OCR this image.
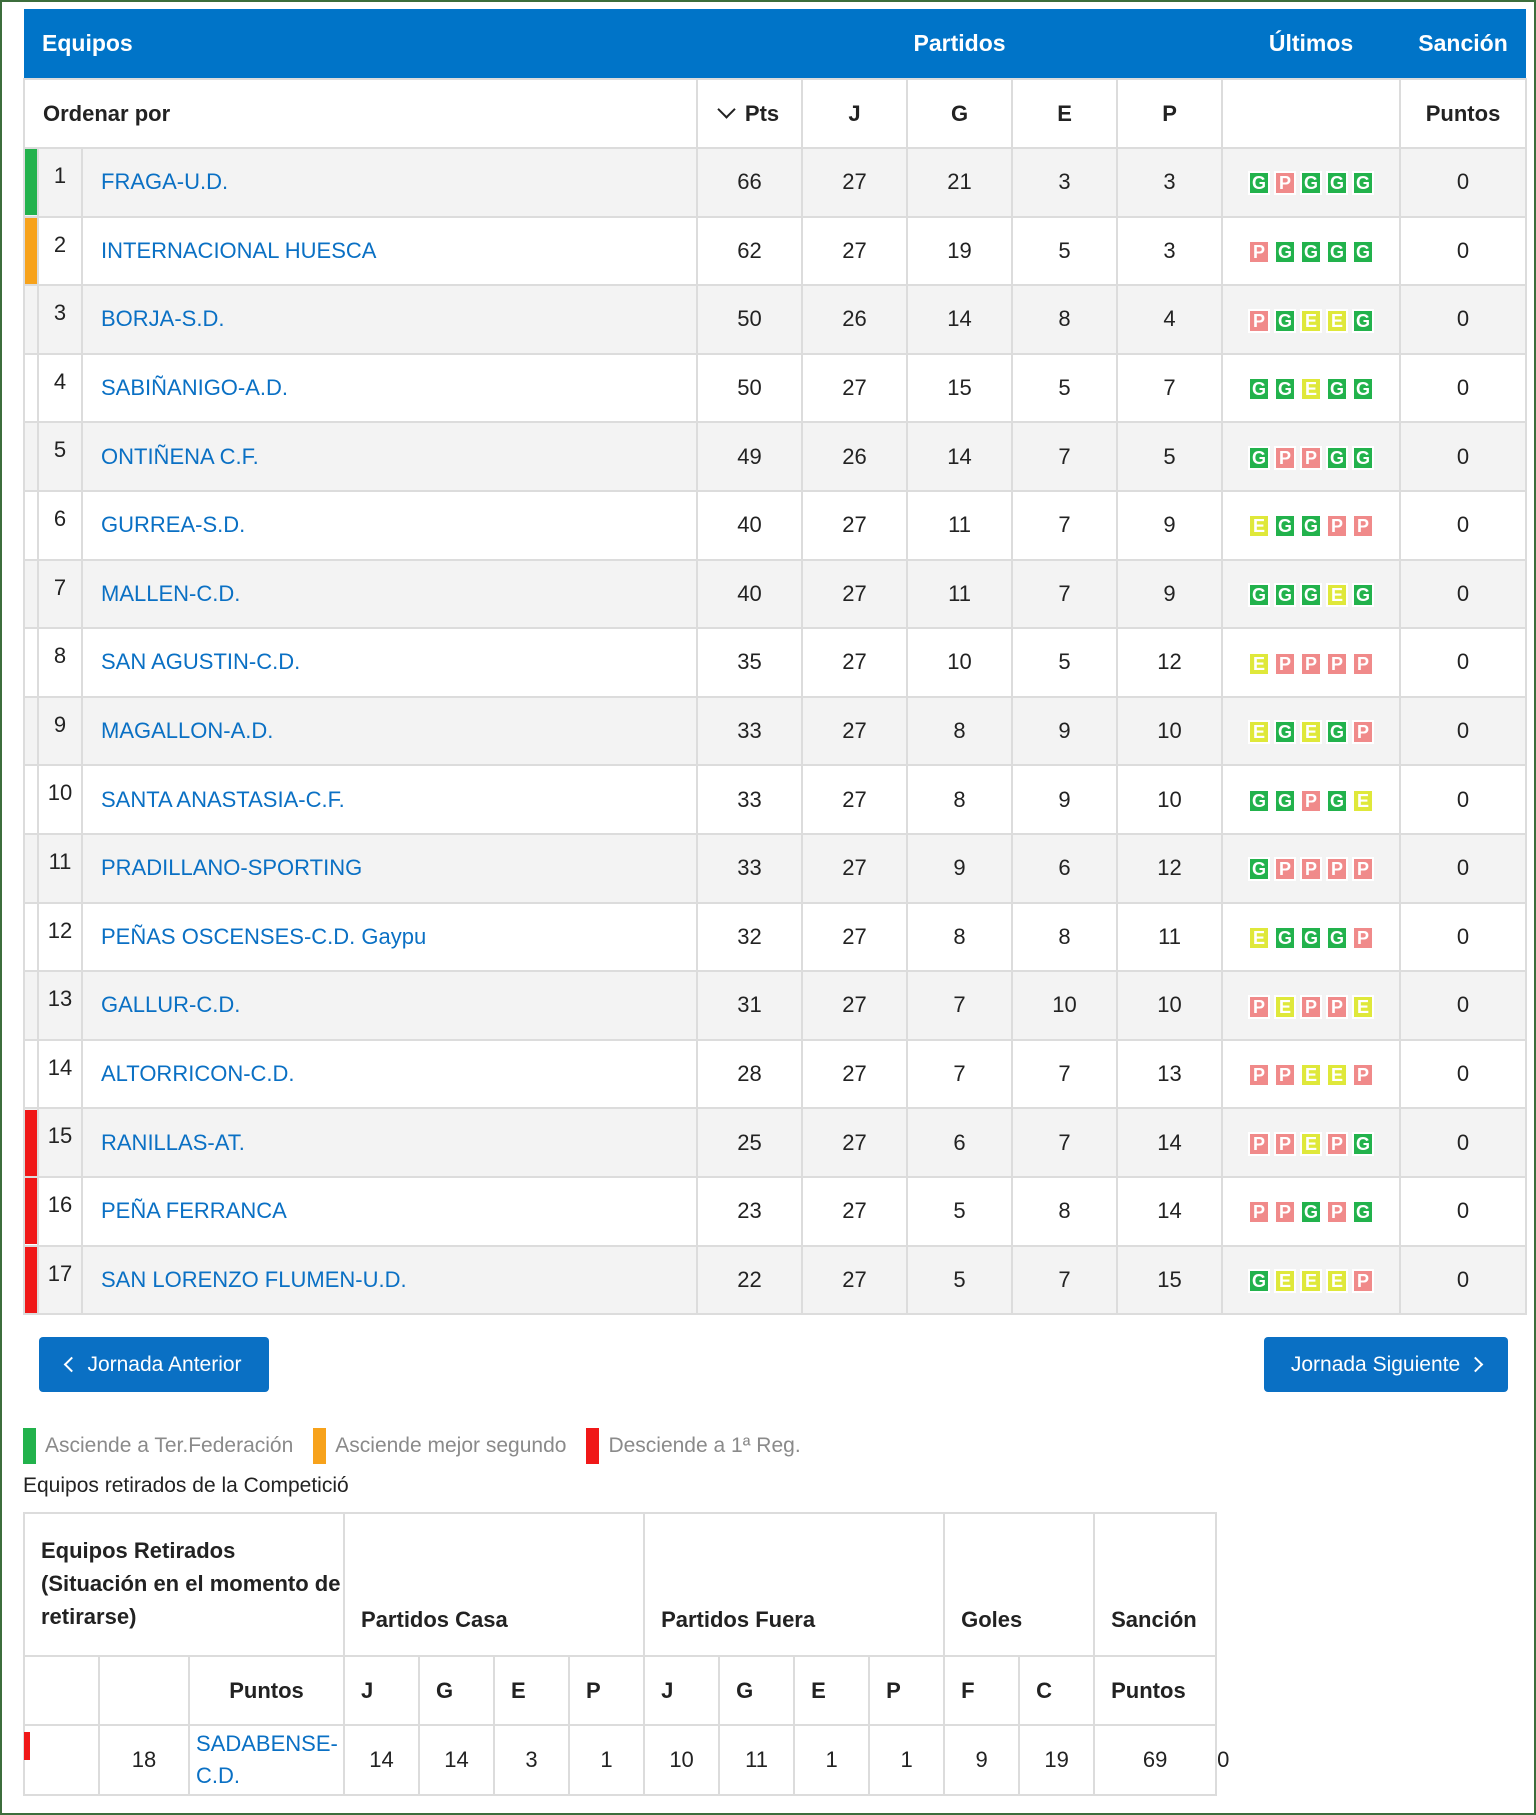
Equipos			Partidos					Últimos	Sanción
Ordenar por			Pts	J	G	E	P		Puntos

	1	FRAGA-U.D.	66	27	21	3	3	G P G G G	0

	2	INTERNACIONAL HUESCA	62	27	19	5	3	P G G G G	0

	3	BORJA-S.D.	50	26	14	8	4	P G E E G	0

	4	SABIÑANIGO-A.D.	50	27	15	5	7	G G E G G	0

	5	ONTIÑENA C.F.	49	26	14	7	5	G P P G G	0

	6	GURREA-S.D.	40	27	11	7	9	E G G P P	0

	7	MALLEN-C.D.	40	27	11	7	9	G G G E G	0

	8	SAN AGUSTIN-C.D.	35	27	10	5	12	E P P P P	0

	9	MAGALLON-A.D.	33	27	8	9	10	E G E G P	0

	10	SANTA ANASTASIA-C.F.	33	27	8	9	10	G G P G E	0

	11	PRADILLANO-SPORTING	33	27	9	6	12	G P P P P	0

	12	PEÑAS OSCENSES-C.D. Gaypu	32	27	8	8	11	E G G G P	0

	13	GALLUR-C.D.	31	27	7	10	10	P E P P E	0

	14	ALTORRICON-C.D.	28	27	7	7	13	P P E E P	0

	15	RANILLAS-AT.	25	27	6	7	14	P P E P G	0

	16	PEÑA FERRANCA	23	27	5	8	14	P P G P G	0

	17	SAN LORENZO FLUMEN-U.D.	22	27	5	7	15	G E E E P	0
Jornada Anterior	Jornada Siguiente
Asciende a Ter.Federación Asciende mejor segundo Desciende a 1ª Reg.
Equipos retirados de la Competició
Equipos Retirados (Situación en el momento de retirarse)			Partidos Casa				Partidos Fuera				Goles		Sanción	
		Puntos	J	G	E	P	J	G	E	P	F	C	Puntos	

	18	SADABENSE-C.D.	14	14	3	1	10	11	1	1	9	19	69	0
